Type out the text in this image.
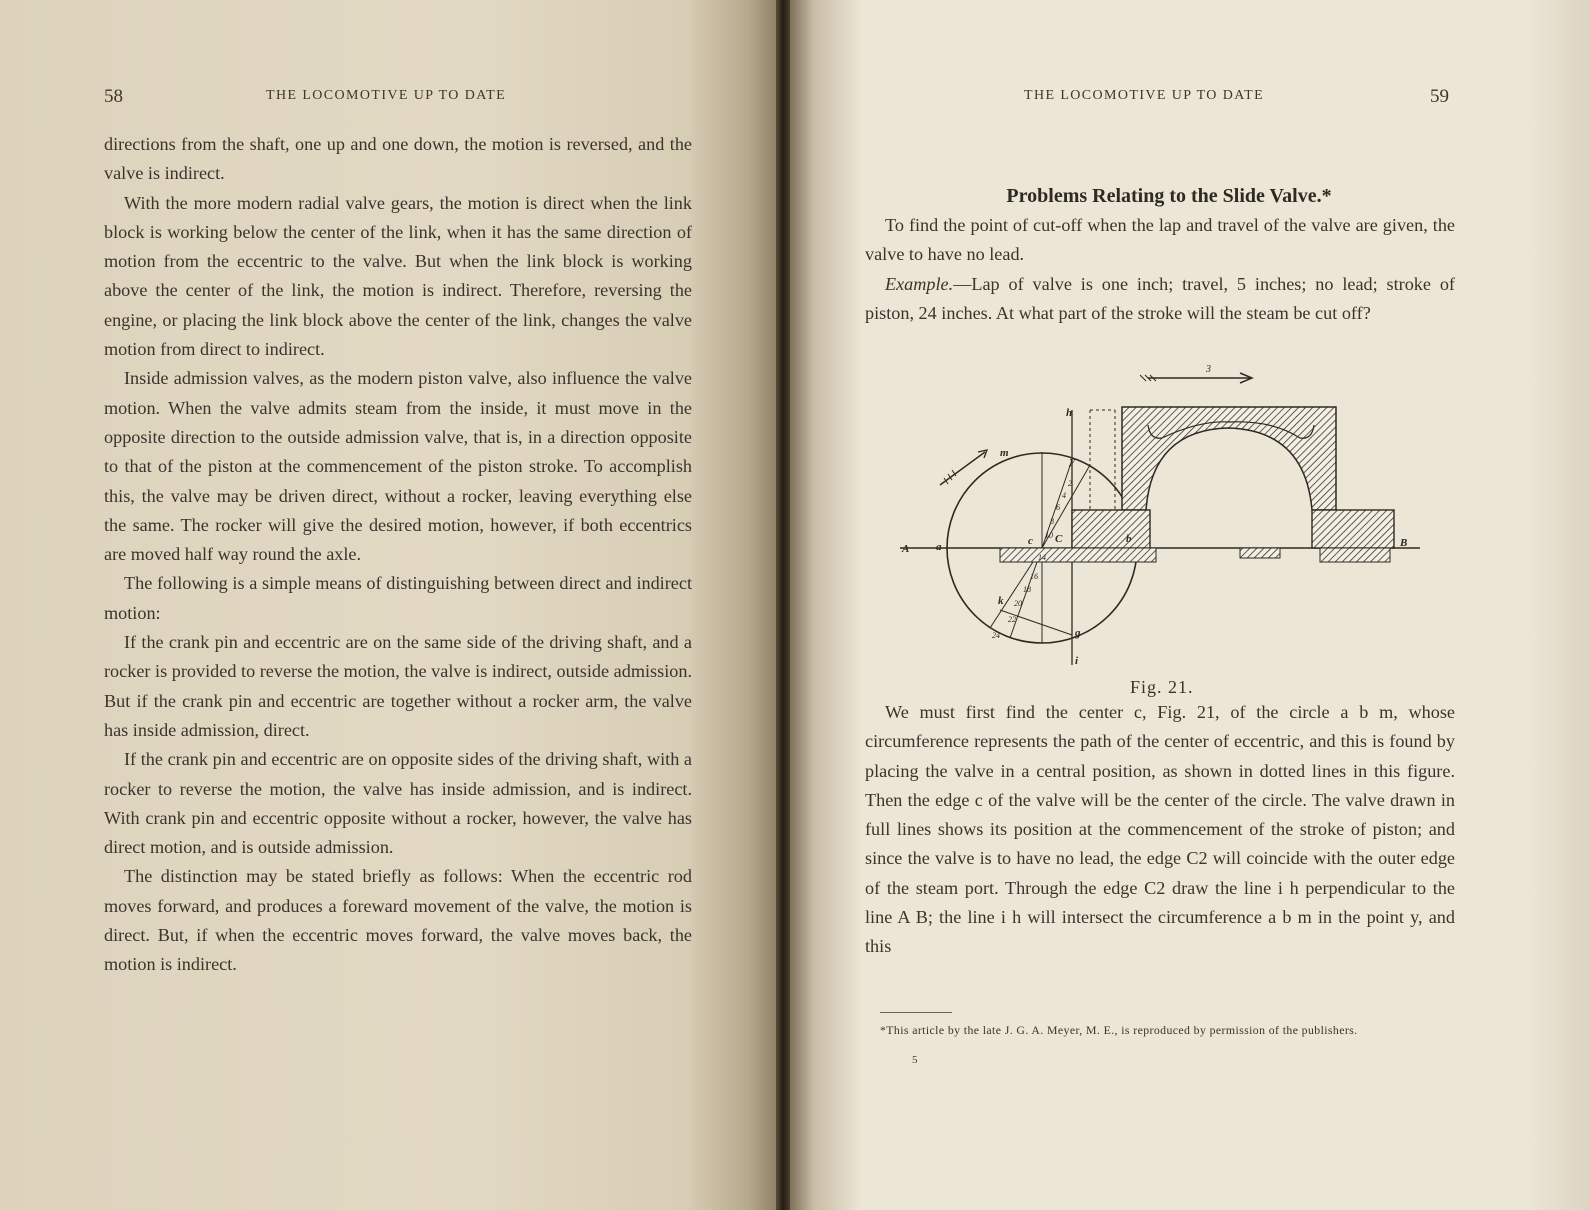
58	THE LOCOMOTIVE UP TO DATE

directions from the shaft, one up and one down, the motion is reversed, and the valve is indirect.

With the more modern radial valve gears, the motion is direct when the link block is working below the center of the link, when it has the same direction of motion from the eccentric to the valve. But when the link block is working above the center of the link, the motion is indirect. Therefore, reversing the engine, or placing the link block above the center of the link, changes the valve motion from direct to indirect.

Inside admission valves, as the modern piston valve, also influence the valve motion. When the valve admits steam from the inside, it must move in the opposite direction to the outside admission valve, that is, in a direction opposite to that of the piston at the commencement of the piston stroke. To accomplish this, the valve may be driven direct, without a rocker, leaving everything else the same. The rocker will give the desired motion, however, if both eccentrics are moved half way round the axle.

The following is a simple means of distinguishing between direct and indirect motion:

If the crank pin and eccentric are on the same side of the driving shaft, and a rocker is provided to reverse the motion, the valve is indirect, outside admission. But if the crank pin and eccentric are together without a rocker arm, the valve has inside admission, direct.

If the crank pin and eccentric are on opposite sides of the driving shaft, with a rocker to reverse the motion, the valve has inside admission, and is indirect. With crank pin and eccentric opposite without a rocker, however, the valve has direct motion, and is outside admission.

The distinction may be stated briefly as follows: When the eccentric rod moves forward, and produces a foreward movement of the valve, the motion is direct. But, if when the eccentric moves forward, the valve moves back, the motion is indirect.

THE LOCOMOTIVE UP TO DATE	59
Problems Relating to the Slide Valve.*

To find the point of cut-off when the lap and travel of the valve are given, the valve to have no lead.

Example.—Lap of valve is one inch; travel, 5 inches; no lead; stroke of piston, 24 inches. At what part of the stroke will the steam be cut off?

3
A a	B
b
c C
h
i
m
y
g
k
2
4
6
8
10
14
16
18
20
22
24
Fig. 21.

We must first find the center c, Fig. 21, of the circle a b m, whose circumference represents the path of the center of eccentric, and this is found by placing the valve in a central position, as shown in dotted lines in this figure. Then the edge c of the valve will be the center of the circle. The valve drawn in full lines shows its position at the commencement of the stroke of piston; and since the valve is to have no lead, the edge C2 will coincide with the outer edge of the steam port. Through the edge C2 draw the line i h perpendicular to the line A B; the line i h will intersect the circumference a b m in the point y, and this

*This article by the late J. G. A. Meyer, M. E., is reproduced by permission of the publishers.
5
